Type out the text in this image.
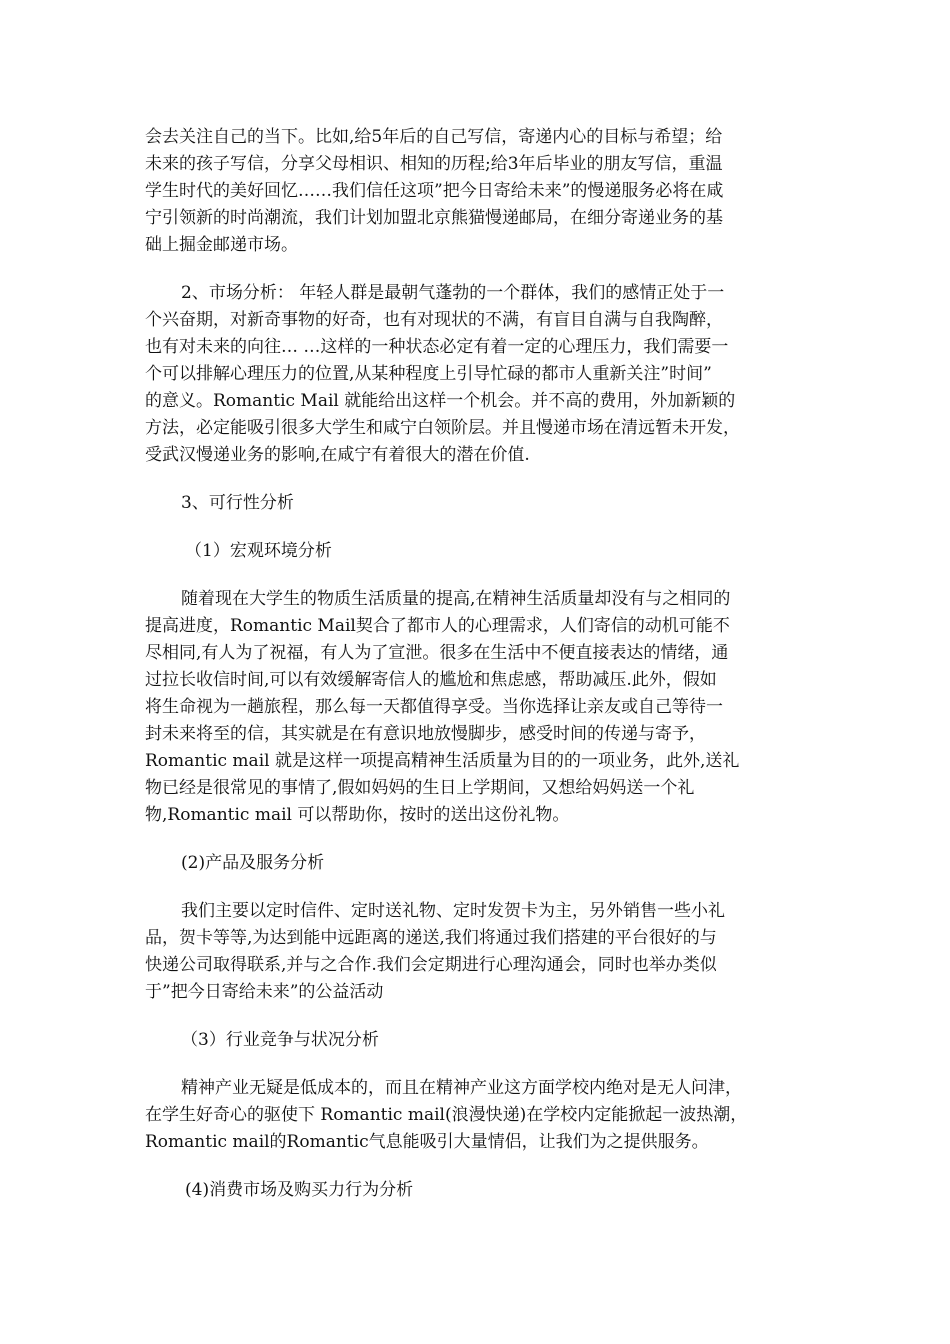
会去关注自己的当下。比如,给5年后的自己写信，寄递内心的目标与希望；给
未来的孩子写信，分享父母相识、相知的历程;给3年后毕业的朋友写信，重温
学生时代的美好回忆……我们信任这项”把今日寄给未来”的慢递服务必将在咸
宁引领新的时尚潮流，我们计划加盟北京熊猫慢递邮局，在细分寄递业务的基
础上掘金邮递市场。
2、市场分析： 年轻人群是最朝气蓬勃的一个群体，我们的感情正处于一
个兴奋期，对新奇事物的好奇，也有对现状的不满，有盲目自满与自我陶醉，
也有对未来的向往… …这样的一种状态必定有着一定的心理压力，我们需要一
个可以排解心理压力的位置,从某种程度上引导忙碌的都市人重新关注”时间”
的意义。Romantic Mail 就能给出这样一个机会。并不高的费用，外加新颖的
方法，必定能吸引很多大学生和咸宁白领阶层。并且慢递市场在清远暂未开发，
受武汉慢递业务的影响,在咸宁有着很大的潜在价值.
3、可行性分析
（1）宏观环境分析
随着现在大学生的物质生活质量的提高,在精神生活质量却没有与之相同的
提高进度，Romantic Mail契合了都市人的心理需求，人们寄信的动机可能不
尽相同,有人为了祝福，有人为了宣泄。很多在生活中不便直接表达的情绪，通
过拉长收信时间,可以有效缓解寄信人的尴尬和焦虑感，帮助减压.此外，假如
将生命视为一趟旅程，那么每一天都值得享受。当你选择让亲友或自己等待一
封未来将至的信，其实就是在有意识地放慢脚步，感受时间的传递与寄予，
Romantic mail 就是这样一项提高精神生活质量为目的的一项业务，此外,送礼
物已经是很常见的事情了,假如妈妈的生日上学期间，又想给妈妈送一个礼
物,Romantic mail 可以帮助你，按时的送出这份礼物。
(2)产品及服务分析
我们主要以定时信件、定时送礼物、定时发贺卡为主，另外销售一些小礼
品，贺卡等等,为达到能中远距离的递送,我们将通过我们搭建的平台很好的与
快递公司取得联系,并与之合作.我们会定期进行心理沟通会，同时也举办类似
于”把今日寄给未来”的公益活动
（3）行业竞争与状况分析
精神产业无疑是低成本的，而且在精神产业这方面学校内绝对是无人问津，
在学生好奇心的驱使下 Romantic mail(浪漫快递)在学校内定能掀起一波热潮，
Romantic mail的Romantic气息能吸引大量情侣，让我们为之提供服务。
(4)消费市场及购买力行为分析
